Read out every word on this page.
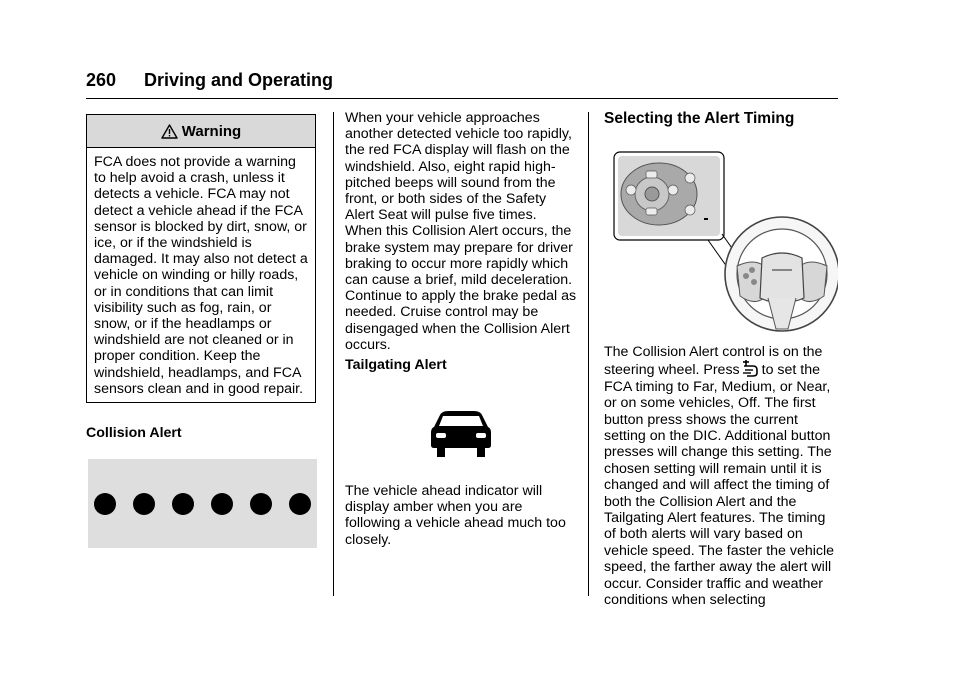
260 Driving and Operating
Warning
FCA does not provide a warning to help avoid a crash, unless it detects a vehicle. FCA may not detect a vehicle ahead if the FCA sensor is blocked by dirt, snow, or ice, or if the windshield is damaged. It may also not detect a vehicle on winding or hilly roads, or in conditions that can limit visibility such as fog, rain, or snow, or if the headlamps or windshield are not cleaned or in proper condition. Keep the windshield, headlamps, and FCA sensors clean and in good repair.
Collision Alert
When your vehicle approaches another detected vehicle too rapidly, the red FCA display will flash on the windshield. Also, eight rapid high-pitched beeps will sound from the front, or both sides of the Safety Alert Seat will pulse five times. When this Collision Alert occurs, the brake system may prepare for driver braking to occur more rapidly which can cause a brief, mild deceleration. Continue to apply the brake pedal as needed. Cruise control may be disengaged when the Collision Alert occurs.
Tailgating Alert
The vehicle ahead indicator will display amber when you are following a vehicle ahead much too closely.
Selecting the Alert Timing
The Collision Alert control is on the steering wheel. Press to set the FCA timing to Far, Medium, or Near, or on some vehicles, Off. The first button press shows the current setting on the DIC. Additional button presses will change this setting. The chosen setting will remain until it is changed and will affect the timing of both the Collision Alert and the Tailgating Alert features. The timing of both alerts will vary based on vehicle speed. The faster the vehicle speed, the farther away the alert will occur. Consider traffic and weather conditions when selecting
